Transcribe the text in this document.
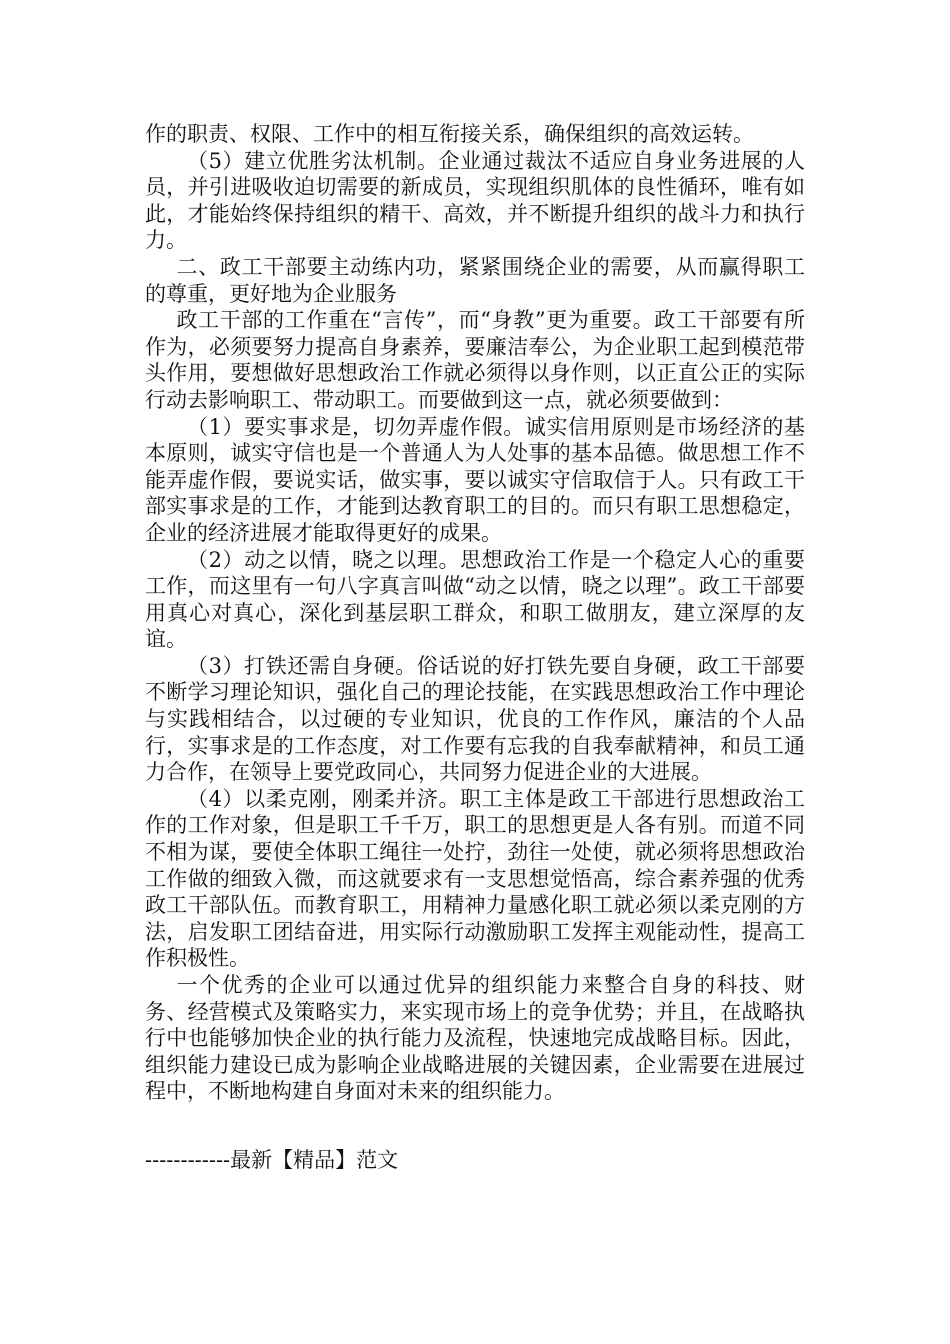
作的职责、权限、工作中的相互衔接关系，确保组织的高效运转。

（5）建立优胜劣汰机制。企业通过裁汰不适应自身业务进展的人员，并引进吸收迫切需要的新成员，实现组织肌体的良性循环，唯有如此，才能始终保持组织的精干、高效，并不断提升组织的战斗力和执行力。

二、政工干部要主动练内功，紧紧围绕企业的需要，从而赢得职工的尊重，更好地为企业服务

政工干部的工作重在“言传”，而“身教”更为重要。政工干部要有所作为，必须要努力提高自身素养，要廉洁奉公，为企业职工起到模范带头作用，要想做好思想政治工作就必须得以身作则，以正直公正的实际行动去影响职工、带动职工。而要做到这一点，就必须要做到：

（1）要实事求是，切勿弄虚作假。诚实信用原则是市场经济的基本原则，诚实守信也是一个普通人为人处事的基本品德。做思想工作不能弄虚作假，要说实话，做实事，要以诚实守信取信于人。只有政工干部实事求是的工作，才能到达教育职工的目的。而只有职工思想稳定，企业的经济进展才能取得更好的成果。

（2）动之以情，晓之以理。思想政治工作是一个稳定人心的重要工作，而这里有一句八字真言叫做“动之以情，晓之以理”。政工干部要用真心对真心，深化到基层职工群众，和职工做朋友，建立深厚的友谊。

（3）打铁还需自身硬。俗话说的好打铁先要自身硬，政工干部要不断学习理论知识，强化自己的理论技能，在实践思想政治工作中理论与实践相结合，以过硬的专业知识，优良的工作作风，廉洁的个人品行，实事求是的工作态度，对工作要有忘我的自我奉献精神，和员工通力合作，在领导上要党政同心，共同努力促进企业的大进展。

（4）以柔克刚，刚柔并济。职工主体是政工干部进行思想政治工作的工作对象，但是职工千千万，职工的思想更是人各有别。而道不同不相为谋，要使全体职工绳往一处拧，劲往一处使，就必须将思想政治工作做的细致入微，而这就要求有一支思想觉悟高，综合素养强的优秀政工干部队伍。而教育职工，用精神力量感化职工就必须以柔克刚的方法，启发职工团结奋进，用实际行动激励职工发挥主观能动性，提高工作积极性。

一个优秀的企业可以通过优异的组织能力来整合自身的科技、财务、经营模式及策略实力，来实现市场上的竞争优势；并且，在战略执行中也能够加快企业的执行能力及流程，快速地完成战略目标。因此，组织能力建设已成为影响企业战略进展的关键因素，企业需要在进展过程中，不断地构建自身面对未来的组织能力。

------------最新【精品】范文
